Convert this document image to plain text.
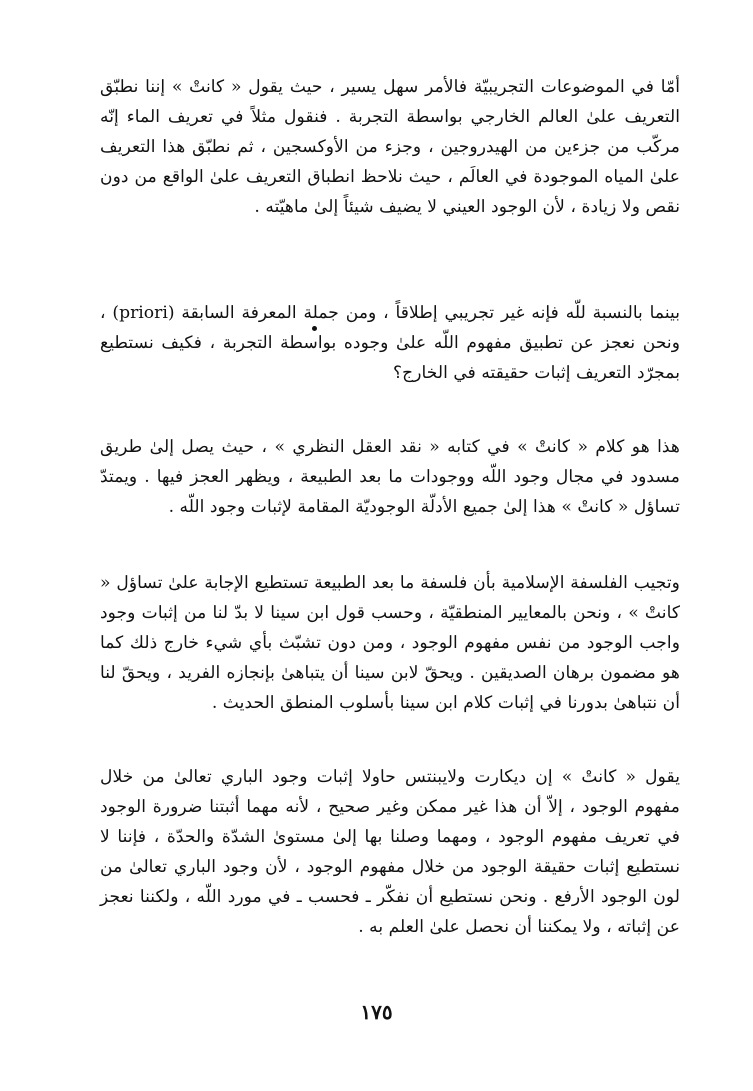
أمّا في الموضوعات التجريبيّة فالأمر سهل يسير ، حيث يقول « كانتْ » إننا نطبّق التعريف علىٰ العالم الخارجي بواسطة التجربة . فنقول مثلاً في تعريف الماء إنّه مركّب من جزءين من الهيدروجين ، وجزء من الأوكسجين ، ثم نطبّق هذا التعريف علىٰ المياه الموجودة في العالَم ، حيث نلاحظ انطباق التعريف علىٰ الواقع من دون نقص ولا زيادة ، لأن الوجود العيني لا يضيف شيئاً إلىٰ ماهيّته .

بينما بالنسبة للّه فإنه غير تجريبي إطلاقاً ، ومن جملة المعرفة السابقة (priori) ، ونحن نعجز عن تطبيق مفهوم اللّه علىٰ وجوده بواسطة التجربة ، فكيف نستطيع بمجرّد التعريف إثبات حقيقته في الخارج؟

هذا هو كلام « كانتْ » في كتابه « نقد العقل النظري » ، حيث يصل إلىٰ طريق مسدود في مجال وجود اللّه ووجودات ما بعد الطبيعة ، ويظهر العجز فيها . ويمتدّ تساؤل « كانتْ » هذا إلىٰ جميع الأدلّة الوجوديّة المقامة لإثبات وجود اللّه .

وتجيب الفلسفة الإسلامية بأن فلسفة ما بعد الطبيعة تستطيع الإجابة علىٰ تساؤل « كانتْ » ، ونحن بالمعايير المنطقيّة ، وحسب قول ابن سينا لا بدّ لنا من إثبات وجود واجب الوجود من نفس مفهوم الوجود ، ومن دون تشبّث بأي شيء خارج ذلك كما هو مضمون برهان الصديقين . ويحقّ لابن سينا أن يتباهىٰ بإنجازه الفريد ، ويحقّ لنا أن نتباهىٰ بدورنا في إثبات كلام ابن سينا بأسلوب المنطق الحديث .

يقول « كانتْ » إن ديكارت ولايبنتس حاولا إثبات وجود الباري تعالىٰ من خلال مفهوم الوجود ، إلاّ أن هذا غير ممكن وغير صحيح ، لأنه مهما أثبتنا ضرورة الوجود في تعريف مفهوم الوجود ، ومهما وصلنا بها إلىٰ مستوىٰ الشدّة والحدّة ، فإننا لا نستطيع إثبات حقيقة الوجود من خلال مفهوم الوجود ، لأن وجود الباري تعالىٰ من لون الوجود الأرفع . ونحن نستطيع أن نفكّر ـ فحسب ـ في مورد اللّه ، ولكننا نعجز عن إثباته ، ولا يمكننا أن نحصل علىٰ العلم به .

١٧٥
